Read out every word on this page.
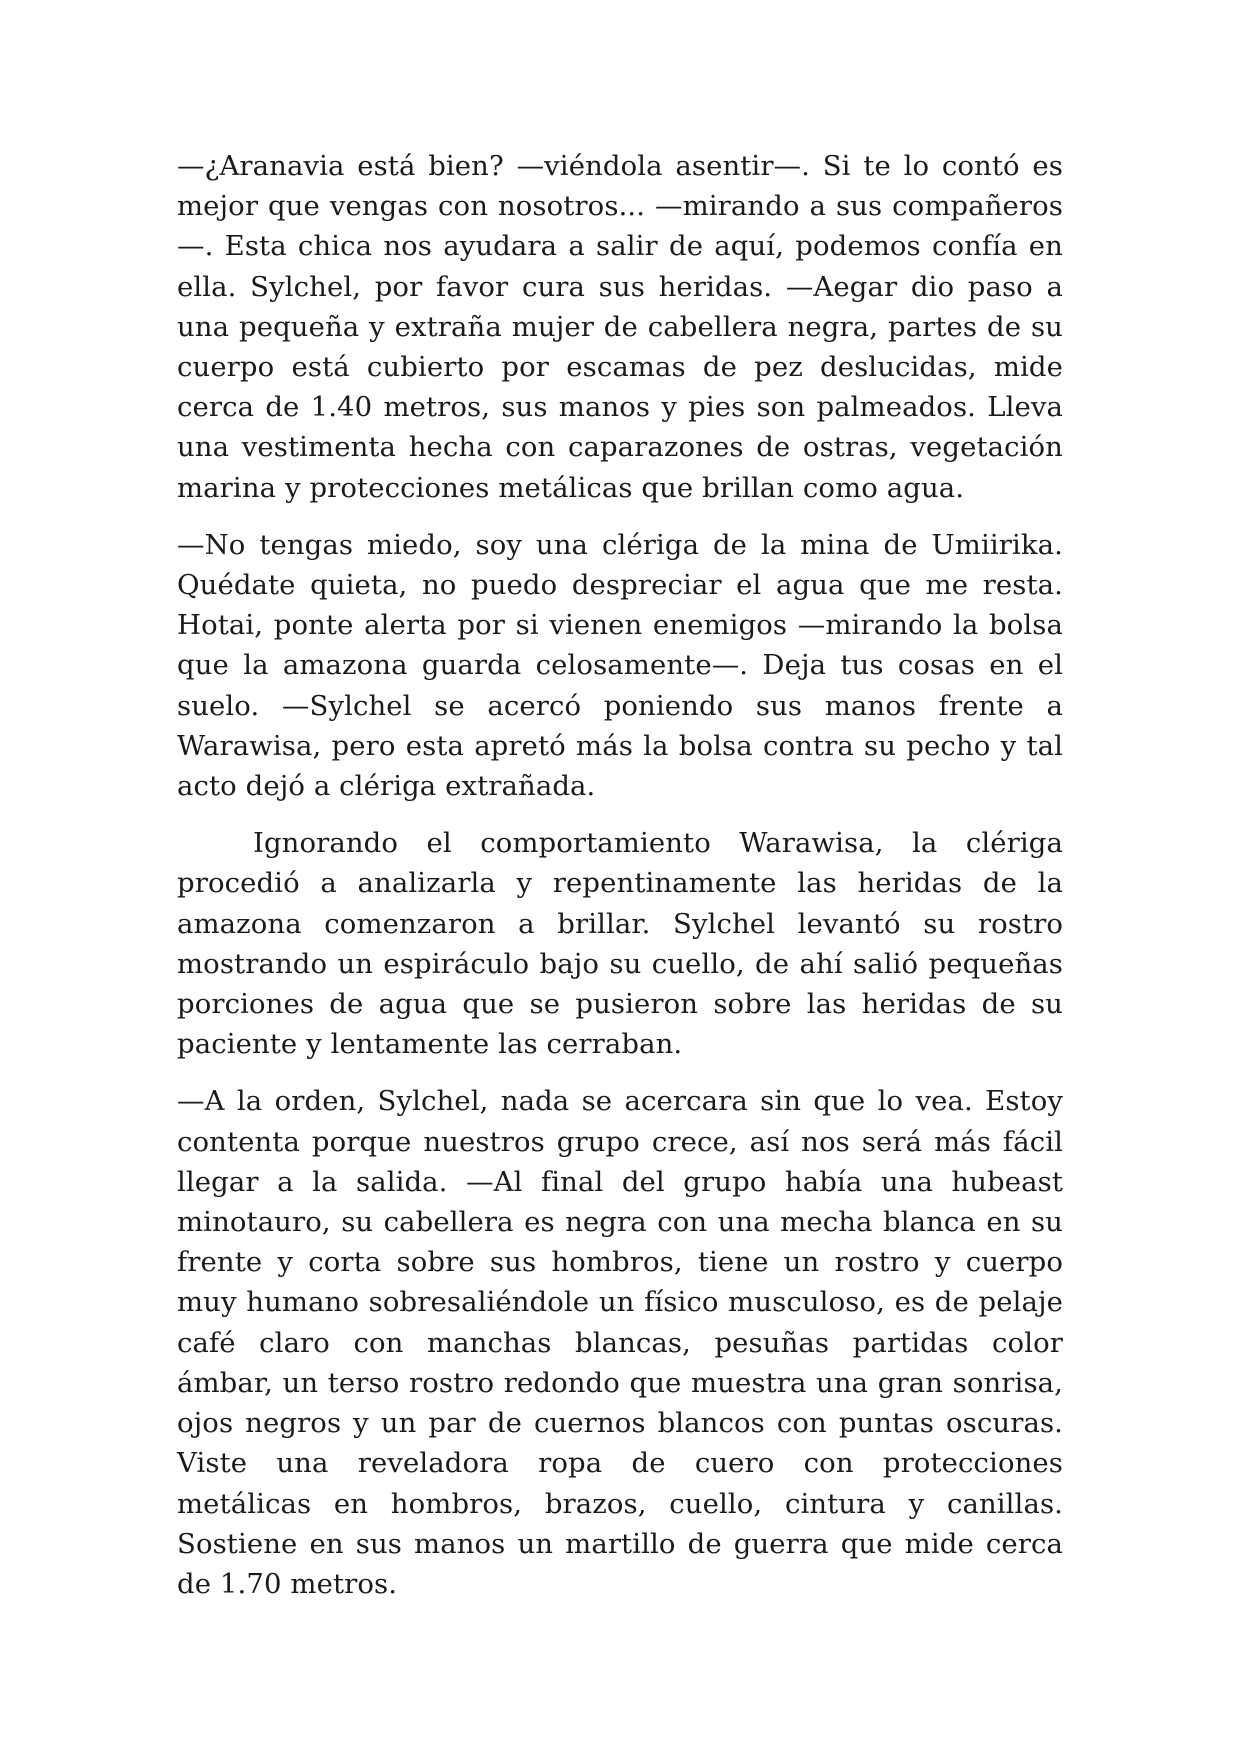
—¿Aranavia está bien? —viéndola asentir—. Si te lo contó es mejor que vengas con nosotros... —mirando a sus compañeros—. Esta chica nos ayudara a salir de aquí, podemos confía en ella. Sylchel, por favor cura sus heridas. —Aegar dio paso a una pequeña y extraña mujer de cabellera negra, partes de su cuerpo está cubierto por escamas de pez deslucidas, mide cerca de 1.40 metros, sus manos y pies son palmeados. Lleva una vestimenta hecha con caparazones de ostras, vegetación marina y protecciones metálicas que brillan como agua.

—No tengas miedo, soy una clériga de la mina de Umiirika. Quédate quieta, no puedo despreciar el agua que me resta. Hotai, ponte alerta por si vienen enemigos —mirando la bolsa que la amazona guarda celosamente—. Deja tus cosas en el suelo. —Sylchel se acercó poniendo sus manos frente a Warawisa, pero esta apretó más la bolsa contra su pecho y tal acto dejó a clériga extrañada.

Ignorando el comportamiento Warawisa, la clériga procedió a analizarla y repentinamente las heridas de la amazona comenzaron a brillar. Sylchel levantó su rostro mostrando un espiráculo bajo su cuello, de ahí salió pequeñas porciones de agua que se pusieron sobre las heridas de su paciente y lentamente las cerraban.

—A la orden, Sylchel, nada se acercara sin que lo vea. Estoy contenta porque nuestros grupo crece, así nos será más fácil llegar a la salida. —Al final del grupo había una hubeast minotauro, su cabellera es negra con una mecha blanca en su frente y corta sobre sus hombros, tiene un rostro y cuerpo muy humano sobresaliéndole un físico musculoso, es de pelaje café claro con manchas blancas, pesuñas partidas color ámbar, un terso rostro redondo que muestra una gran sonrisa, ojos negros y un par de cuernos blancos con puntas oscuras. Viste una reveladora ropa de cuero con protecciones metálicas en hombros, brazos, cuello, cintura y canillas. Sostiene en sus manos un martillo de guerra que mide cerca de 1.70 metros.
